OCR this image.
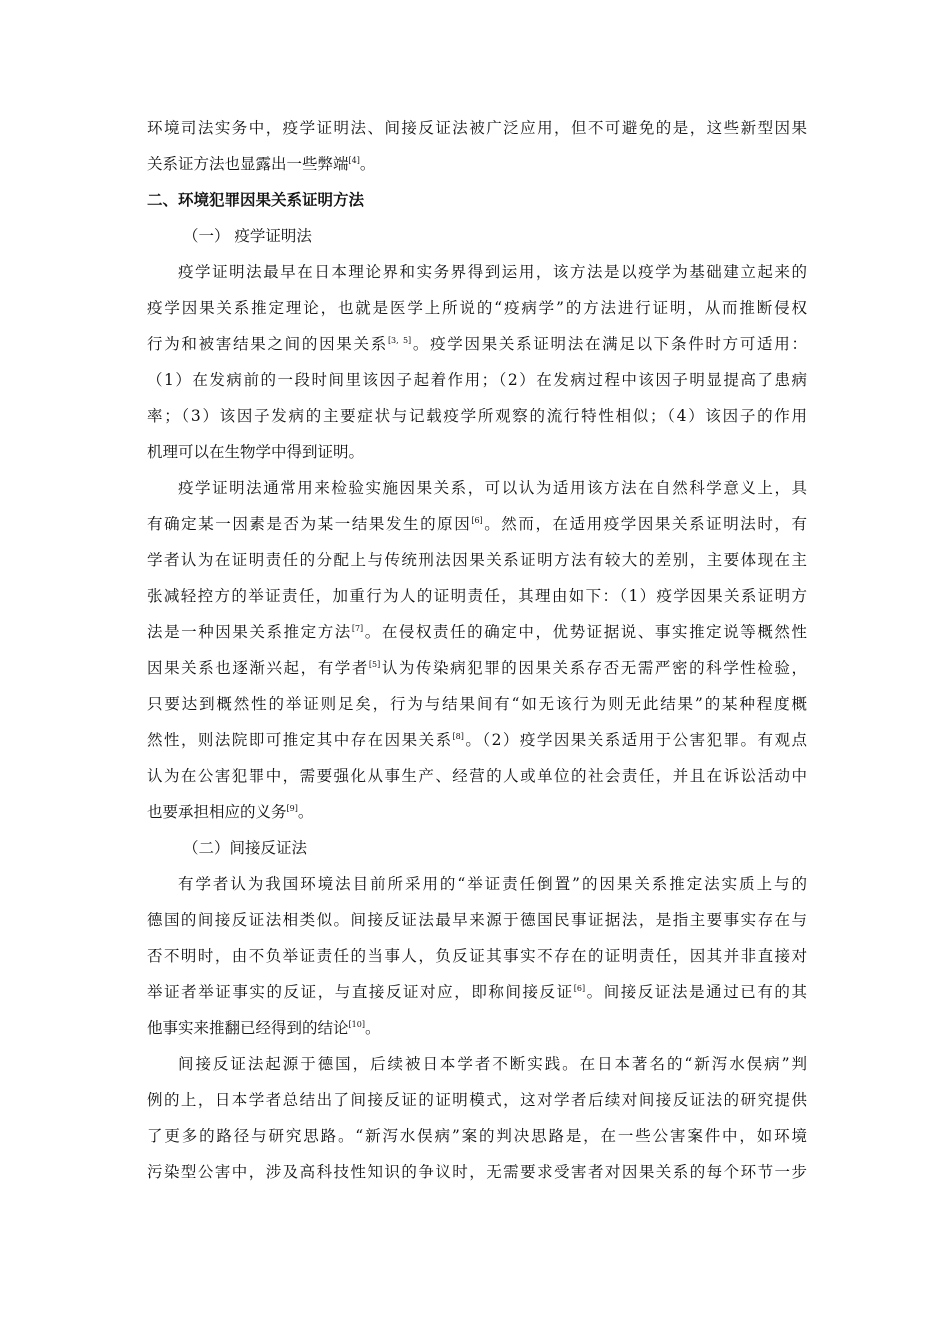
环境司法实务中，疫学证明法、间接反证法被广泛应用，但不可避免的是，这些新型因果
关系证方法也显露出一些弊端[4]。
二、环境犯罪因果关系证明方法
（一） 疫学证明法
疫学证明法最早在日本理论界和实务界得到运用，该方法是以疫学为基础建立起来的
疫学因果关系推定理论，也就是医学上所说的“疫病学”的方法进行证明，从而推断侵权
行为和被害结果之间的因果关系[3, 5]。疫学因果关系证明法在满足以下条件时方可适用：
（1）在发病前的一段时间里该因子起着作用；（2）在发病过程中该因子明显提高了患病
率；（3）该因子发病的主要症状与记载疫学所观察的流行特性相似；（4）该因子的作用
机理可以在生物学中得到证明。
疫学证明法通常用来检验实施因果关系，可以认为适用该方法在自然科学意义上，具
有确定某一因素是否为某一结果发生的原因[6]。然而，在适用疫学因果关系证明法时，有
学者认为在证明责任的分配上与传统刑法因果关系证明方法有较大的差别，主要体现在主
张减轻控方的举证责任，加重行为人的证明责任，其理由如下：（1）疫学因果关系证明方
法是一种因果关系推定方法[7]。在侵权责任的确定中，优势证据说、事实推定说等概然性
因果关系也逐渐兴起，有学者[5]认为传染病犯罪的因果关系存否无需严密的科学性检验，
只要达到概然性的举证则足矣，行为与结果间有“如无该行为则无此结果”的某种程度概
然性，则法院即可推定其中存在因果关系[8]。（2）疫学因果关系适用于公害犯罪。有观点
认为在公害犯罪中，需要强化从事生产、经营的人或单位的社会责任，并且在诉讼活动中
也要承担相应的义务[9]。
（二）间接反证法
有学者认为我国环境法目前所采用的“举证责任倒置”的因果关系推定法实质上与的
德国的间接反证法相类似。间接反证法最早来源于德国民事证据法，是指主要事实存在与
否不明时，由不负举证责任的当事人，负反证其事实不存在的证明责任，因其并非直接对
举证者举证事实的反证，与直接反证对应，即称间接反证[6]。间接反证法是通过已有的其
他事实来推翻已经得到的结论[10]。
间接反证法起源于德国，后续被日本学者不断实践。在日本著名的“新泻水俣病”判
例的上，日本学者总结出了间接反证的证明模式，这对学者后续对间接反证法的研究提供
了更多的路径与研究思路。“新泻水俣病”案的判决思路是，在一些公害案件中，如环境
污染型公害中，涉及高科技性知识的争议时，无需要求受害者对因果关系的每个环节一步
